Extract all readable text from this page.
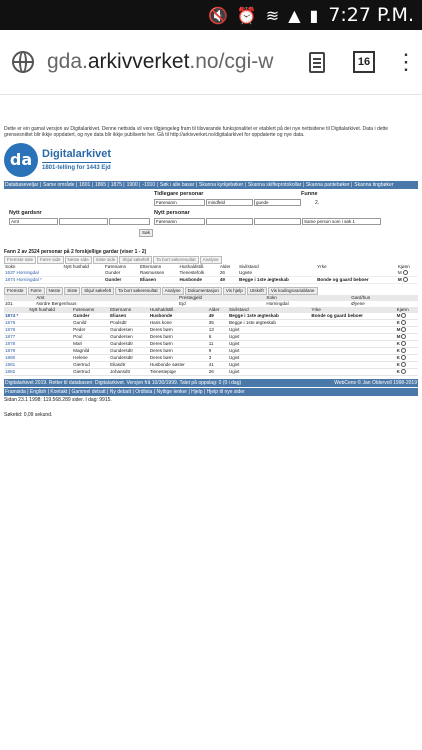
🔇 ⏰ ≋ ▲ ▮ 7:27 P.M.
gda.arkivverket.no/cgi-w	16 ⋮
Dette er ein gamal versjon av Digitalarkivet. Denne nettsida vil vere tilgjengeleg fram til tilsvarande funksjonalitet er etablert på dei nye nettsidene til Digitalarkivet. Data i dette grensesnittet blir ikkje oppdatert, og nye data blir ikkje publiserte her. Gå til http://arkivverket.no/digitalarkivet for oppdaterte og nye data.
da Digitalarkivet
1801-telling for 1443 Ejd
Databaseveljar | Same område | 1801 | 1865 | 1875 | 1900 | -1910 | Søk i alle basar | Skanna kyrkjebøker | Skanna skifteprotokollar | Skanna pantebøker | Skanna tingbøker
Tidlegare personar	Funne
Førenamn	mindfeld	gunde	2.
Nytt gardsnr	Nytt personar
Amt	Førenamn	Same person som i søk 1
Søk
Fann 2 av 2524 personar på 2 forskjellige gardar (viser 1 - 2)
Fremste side	Førre side	Neste side	Siste side	Skjul søkefelt	Ta bort søkeresultat	Analyse
Sokn	Nytt hushald	Førenamn	Etternamn	Hushaldstill.	Alder	Sivilstand	Yrke	Kjønn
1637 Horningdal		Gunder	Rasmussen	Tienestefolk	26	Ugivte		M
1874 Horningdal *		Gunder	Eliasen	Husbonde	49	Begge i 1ste ægteskab	Bonde og gaard beboer	M
Fremste	Førre	Neste	Siste	Skjul søkefelt	Ta bort søkeresultat	Analyse	Dokumentasjon	Vis hjelp	Utskrift	Vis kodingsvariablane
	Amt		Prestegjeld		Sokn		Gard/hus
101	Nordre Bergenhuus		Ejd		Horningdal		Øyene
	Nytt hushald	Førenamn	Etternamn	Hushaldstill.	Alder	Sivilstand	Yrke	Kjønn
1874 *		Gunder	Eliasen	Husbonde	49	Begge i 1ste ægteskab	Bonde og gaard beboer	M
1875		Gunild	Poulsdtr	Hans kone	35	Begge i 1ste ægteskab		K
1876		Peder	Gundersen	Deres børn	13	Ugivt		M
1877		Poul	Gundersen	Deres børn	6	Ugivt		M
1878		Mari	Gundersdtr	Deres børn	11	Ugivt		K
1879		Magnild	Gundersdtr	Deres børn	9	Ugivt		K
1880		Helene	Gundersdtr	Deres børn	3	Ugivt		K
1881		Giertrud	Eliasdtr	Husbonde søster	41	Ugivt		K
1882		Giertrud	Johansdtr	Tienestepige	26	Ugivt		K
Digitalarkivet 2019. Retter til databasen: Digitalarkivet. Versjon frå 10/30/1999. Talet på oppslag: 0 (0 i dag)	WebCens © Jan Oldervoll 1998-2019
Framsida | English | Kontakt | Gammel debatt | Ny debatt | Ordlista | Nyttige lenker | Hjelp | Hjelp til nye sider
Sidan 23.1 1998: 119.568.289 sider. I dag: 9915.
Søketid: 0,09 sekund.
